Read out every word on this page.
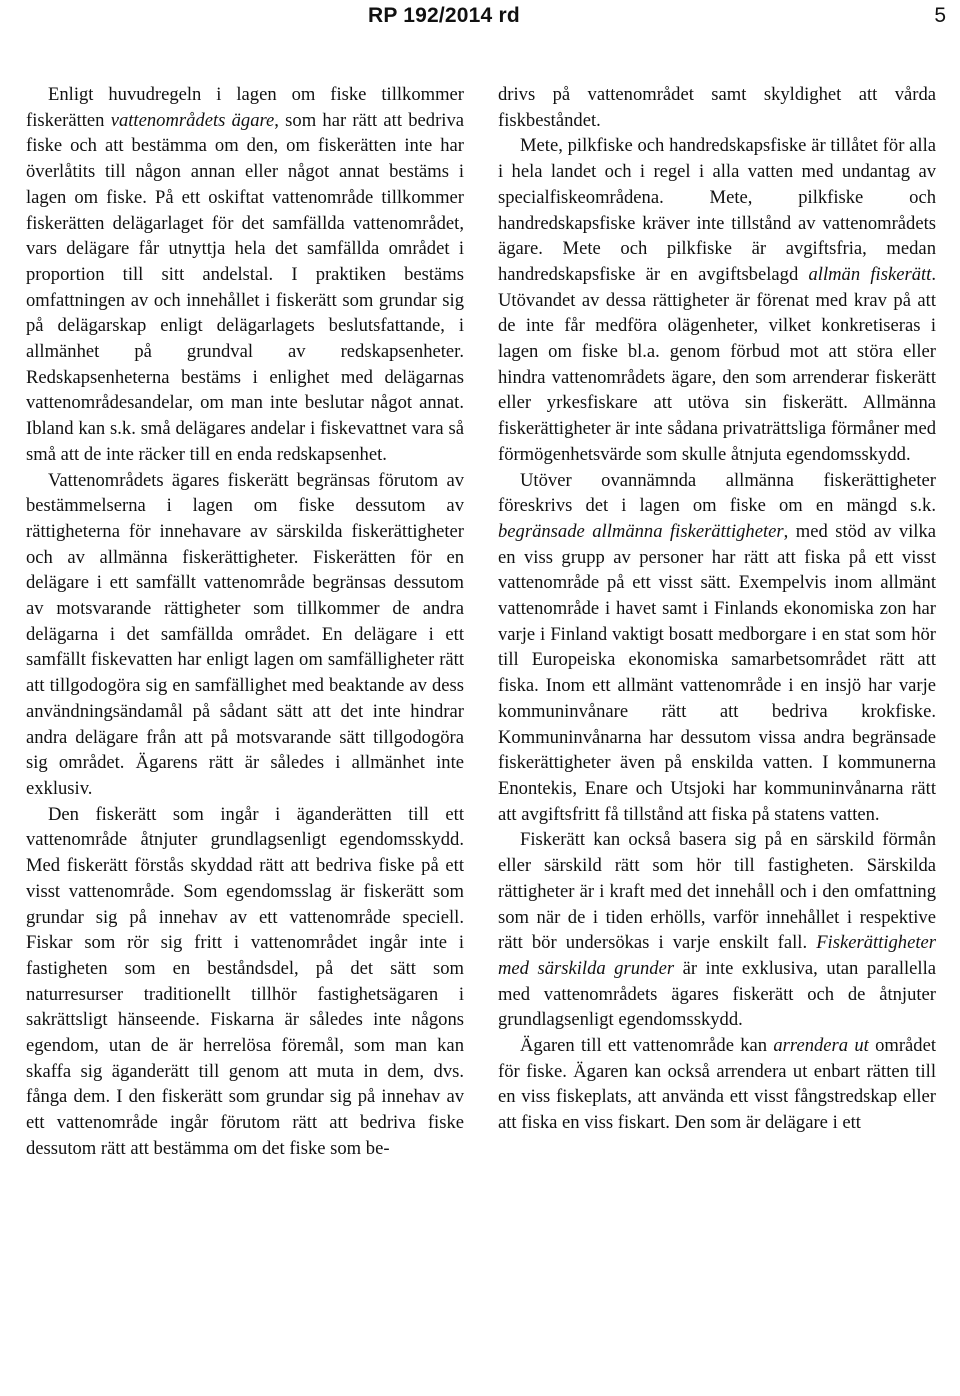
RP 192/2014 rd	5

Enligt huvudregeln i lagen om fiske tillkommer fiskerätten vattenområdets ägare, som har rätt att bedriva fiske och att bestämma om den, om fiskerätten inte har överlåtits till någon annan eller något annat bestäms i lagen om fiske. På ett oskiftat vattenområde tillkommer fiskerätten delägarlaget för det samfällda vattenområdet, vars delägare får utnyttja hela det samfällda området i proportion till sitt andelstal. I praktiken bestäms omfattningen av och innehållet i fiskerätt som grundar sig på delägarskap enligt delägarlagets beslutsfattande, i allmänhet på grundval av redskapsenheter. Redskapsenheterna bestäms i enlighet med delägarnas vattenområdesandelar, om man inte beslutar något annat. Ibland kan s.k. små delägares andelar i fiskevattnet vara så små att de inte räcker till en enda redskapsenhet.

Vattenområdets ägares fiskerätt begränsas förutom av bestämmelserna i lagen om fiske dessutom av rättigheterna för innehavare av särskilda fiskerättigheter och av allmänna fiskerättigheter. Fiskerätten för en delägare i ett samfällt vattenområde begränsas dessutom av motsvarande rättigheter som tillkommer de andra delägarna i det samfällda området. En delägare i ett samfällt fiskevatten har enligt lagen om samfälligheter rätt att tillgodogöra sig en samfällighet med beaktande av dess användningsändamål på sådant sätt att det inte hindrar andra delägare från att på motsvarande sätt tillgodogöra sig området. Ägarens rätt är således i allmänhet inte exklusiv.

Den fiskerätt som ingår i äganderätten till ett vattenområde åtnjuter grundlagsenligt egendomsskydd. Med fiskerätt förstås skyddad rätt att bedriva fiske på ett visst vattenområde. Som egendomsslag är fiskerätt som grundar sig på innehav av ett vattenområde speciell. Fiskar som rör sig fritt i vattenområdet ingår inte i fastigheten som en beståndsdel, på det sätt som naturresurser traditionellt tillhör fastighetsägaren i sakrättsligt hänseende. Fiskarna är således inte någons egendom, utan de är herrelösa föremål, som man kan skaffa sig äganderätt till genom att muta in dem, dvs. fånga dem. I den fiskerätt som grundar sig på innehav av ett vattenområde ingår förutom rätt att bedriva fiske dessutom rätt att bestämma om det fiske som be-

drivs på vattenområdet samt skyldighet att vårda fiskbeståndet.

Mete, pilkfiske och handredskapsfiske är tillåtet för alla i hela landet och i regel i alla vatten med undantag av specialfiskeområdena. Mete, pilkfiske och handredskapsfiske kräver inte tillstånd av vattenområdets ägare. Mete och pilkfiske är avgiftsfria, medan handredskapsfiske är en avgiftsbelagd allmän fiskerätt. Utövandet av dessa rättigheter är förenat med krav på att de inte får medföra olägenheter, vilket konkretiseras i lagen om fiske bl.a. genom förbud mot att störa eller hindra vattenområdets ägare, den som arrenderar fiskerätt eller yrkesfiskare att utöva sin fiskerätt. Allmänna fiskerättigheter är inte sådana privaträttsliga förmåner med förmögenhetsvärde som skulle åtnjuta egendomsskydd.

Utöver ovannämnda allmänna fiskerättigheter föreskrivs det i lagen om fiske om en mängd s.k. begränsade allmänna fiskerättigheter, med stöd av vilka en viss grupp av personer har rätt att fiska på ett visst vattenområde på ett visst sätt. Exempelvis inom allmänt vattenområde i havet samt i Finlands ekonomiska zon har varje i Finland vaktigt bosatt medborgare i en stat som hör till Europeiska ekonomiska samarbetsområdet rätt att fiska. Inom ett allmänt vattenområde i en insjö har varje kommuninvånare rätt att bedriva krokfiske. Kommuninvånarna har dessutom vissa andra begränsade fiskerättigheter även på enskilda vatten. I kommunerna Enontekis, Enare och Utsjoki har kommuninvånarna rätt att avgiftsfritt få tillstånd att fiska på statens vatten.

Fiskerätt kan också basera sig på en särskild förmån eller särskild rätt som hör till fastigheten. Särskilda rättigheter är i kraft med det innehåll och i den omfattning som när de i tiden erhölls, varför innehållet i respektive rätt bör undersökas i varje enskilt fall. Fiskerättigheter med särskilda grunder är inte exklusiva, utan parallella med vattenområdets ägares fiskerätt och de åtnjuter grundlagsenligt egendomsskydd.

Ägaren till ett vattenområde kan arrendera ut området för fiske. Ägaren kan också arrendera ut enbart rätten till en viss fiskeplats, att använda ett visst fångstredskap eller att fiska en viss fiskart. Den som är delägare i ett
